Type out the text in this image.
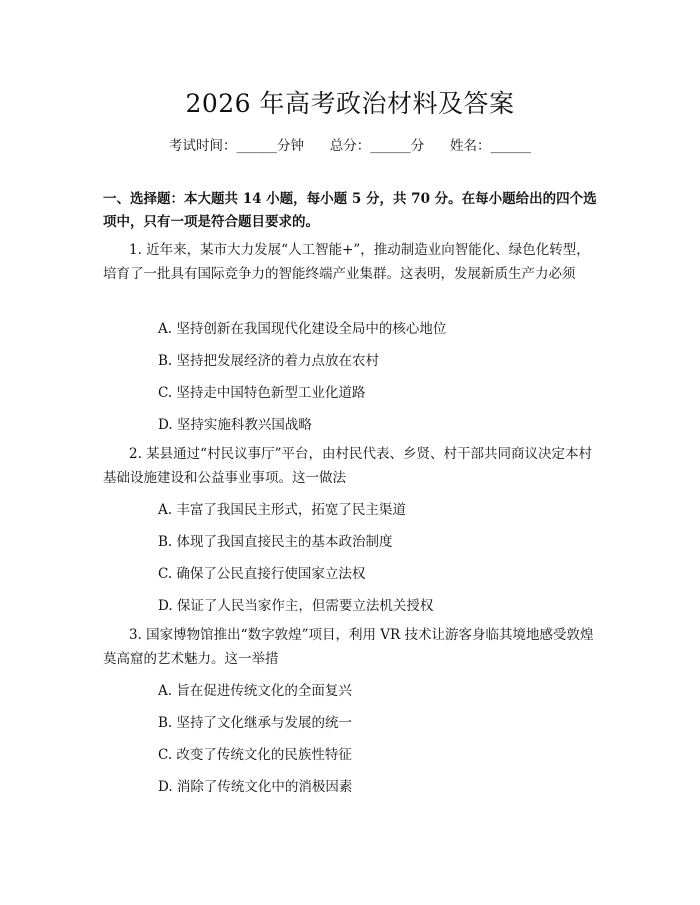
2026 年高考政治材料及答案
考试时间：______分钟      总分：______分      姓名：______
一、选择题：本大题共 14 小题，每小题 5 分，共 70 分。在每小题给出的四个选项中，只有一项是符合题目要求的。
1. 近年来，某市大力发展“人工智能+”，推动制造业向智能化、绿色化转型，培育了一批具有国际竞争力的智能终端产业集群。这表明，发展新质生产力必须
A. 坚持创新在我国现代化建设全局中的核心地位
B. 坚持把发展经济的着力点放在农村
C. 坚持走中国特色新型工业化道路
D. 坚持实施科教兴国战略
2. 某县通过“村民议事厅”平台，由村民代表、乡贤、村干部共同商议决定本村基础设施建设和公益事业事项。这一做法
A. 丰富了我国民主形式，拓宽了民主渠道
B. 体现了我国直接民主的基本政治制度
C. 确保了公民直接行使国家立法权
D. 保证了人民当家作主，但需要立法机关授权
3. 国家博物馆推出“数字敦煌”项目，利用 VR 技术让游客身临其境地感受敦煌莫高窟的艺术魅力。这一举措
A. 旨在促进传统文化的全面复兴
B. 坚持了文化继承与发展的统一
C. 改变了传统文化的民族性特征
D. 消除了传统文化中的消极因素
